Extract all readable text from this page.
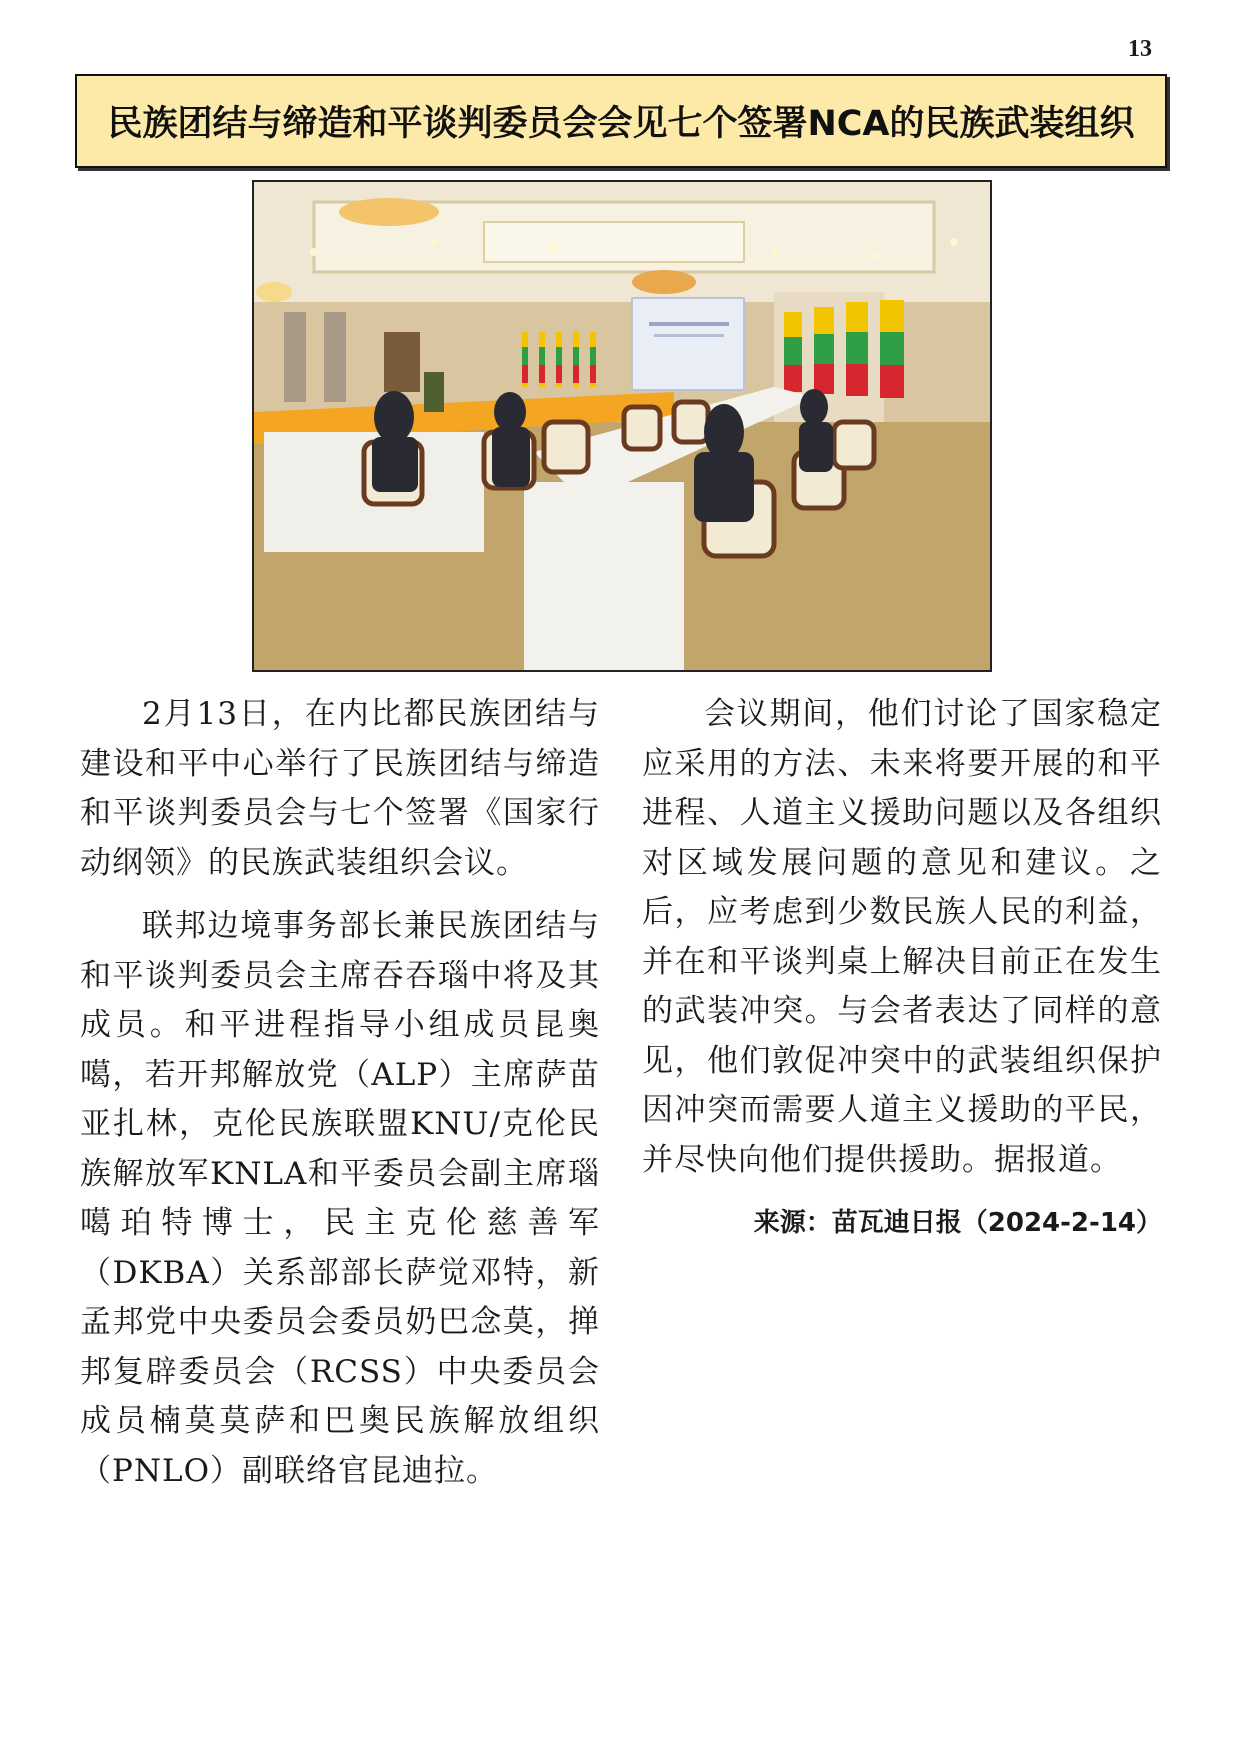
13
民族团结与缔造和平谈判委员会会见七个签署NCA的民族武装组织

2月13日，在内比都民族团结与建设和平中心举行了民族团结与缔造和平谈判委员会与七个签署《国家行动纲领》的民族武装组织会议。

联邦边境事务部长兼民族团结与和平谈判委员会主席吞吞瑙中将及其成员。和平进程指导小组成员昆奥噶，若开邦解放党（ALP）主席萨苗亚扎林，克伦民族联盟KNU/克伦民族解放军KNLA和平委员会副主席瑙噶珀特博士，民主克伦慈善军（DKBA）关系部部长萨觉邓特，新孟邦党中央委员会委员奶巴念莫，掸邦复辟委员会（RCSS）中央委员会成员楠莫莫萨和巴奥民族解放组织（PNLO）副联络官昆迪拉。

会议期间，他们讨论了国家稳定应采用的方法、未来将要开展的和平进程、人道主义援助问题以及各组织对区域发展问题的意见和建议。之后，应考虑到少数民族人民的利益，并在和平谈判桌上解决目前正在发生的武装冲突。与会者表达了同样的意见，他们敦促冲突中的武装组织保护因冲突而需要人道主义援助的平民，并尽快向他们提供援助。据报道。

来源：苗瓦迪日报（2024-2-14）
